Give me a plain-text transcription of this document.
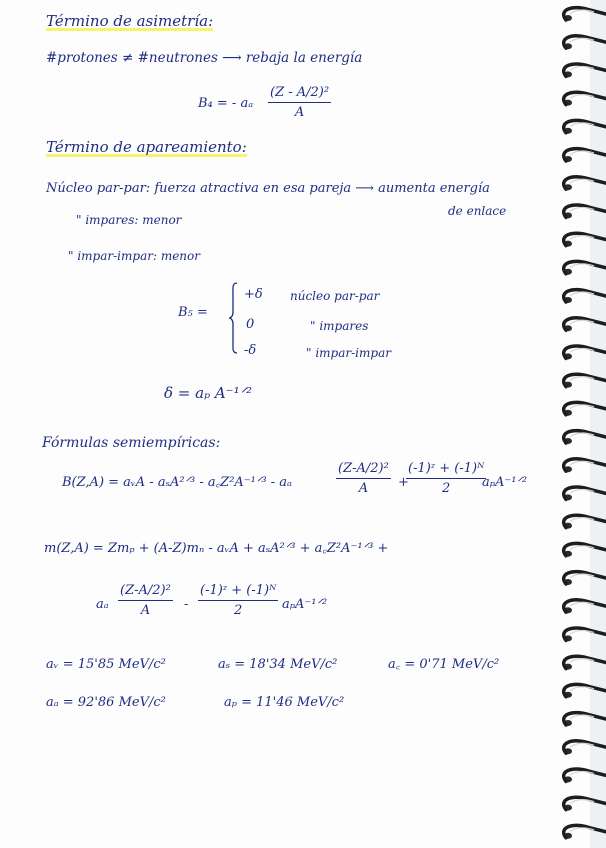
Término de asimetría:
#protones ≠ #neutrones ⟶ rebaja la energía
B₄ = - aₐ
(Z - A/2)²
A
Término de apareamiento:
Núcleo par-par: fuerza atractiva en esa pareja ⟶ aumenta energía
de enlace
" impares: menor
" impar-impar: menor
B₅ =
+δ núcleo par-par
0	" impares
-δ	" impar-impar
δ = aₚ A⁻¹ᐟ²
Fórmulas semiempíricas:
B(Z,A) = aᵥA - aₛA²ᐟ³ - a꜀Z²A⁻¹ᐟ³ - aₐ
(Z-A/2)²
A +
(-1)ᶻ + (-1)ᴺ
2 aₚA⁻¹ᐟ²
m(Z,A) = Zmₚ + (A-Z)mₙ - aᵥA + aₛA²ᐟ³ + a꜀Z²A⁻¹ᐟ³ +
aₐ
(Z-A/2)²
A	-
(-1)ᶻ + (-1)ᴺ
2	aₚA⁻¹ᐟ²
aᵥ = 15'85 MeV/c²	aₛ = 18'34 MeV/c²	a꜀ = 0'71 MeV/c²
aₐ = 92'86 MeV/c²	aₚ = 11'46 MeV/c²
